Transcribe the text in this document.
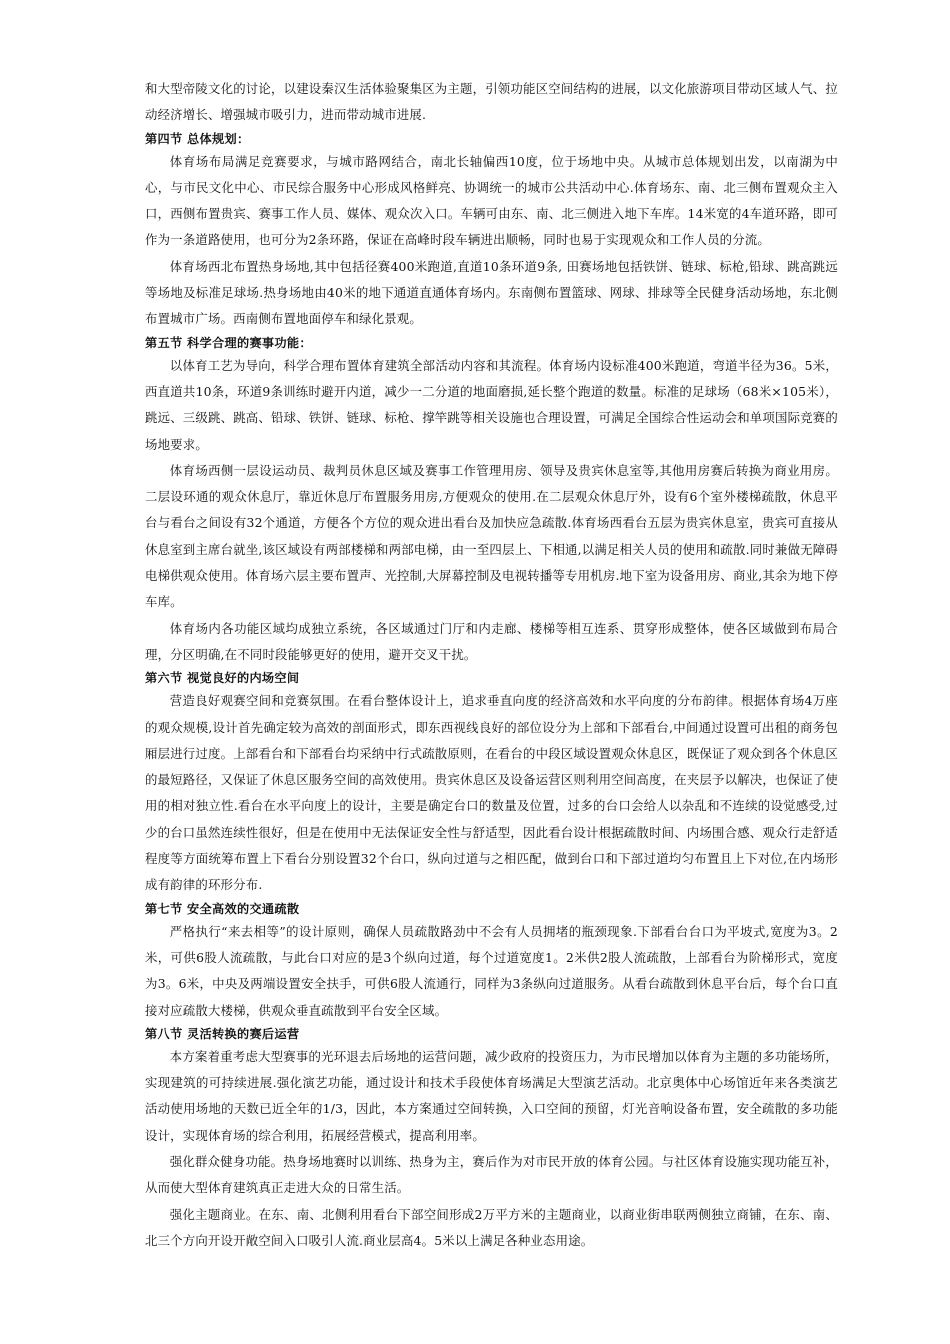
和大型帝陵文化的讨论，以建设秦汉生活体验聚集区为主题，引领功能区空间结构的进展，以文化旅游项目带动区域人气、拉动经济增长、增强城市吸引力，进而带动城市进展.

第四节 总体规划：

体育场布局满足竞赛要求，与城市路网结合，南北长轴偏西10度，位于场地中央。从城市总体规划出发，以南湖为中心，与市民文化中心、市民综合服务中心形成风格鲜亮、协调统一的城市公共活动中心.体育场东、南、北三侧布置观众主入口，西侧布置贵宾、赛事工作人员、媒体、观众次入口。车辆可由东、南、北三侧进入地下车库。14米宽的4车道环路，即可作为一条道路使用，也可分为2条环路，保证在高峰时段车辆进出顺畅，同时也易于实现观众和工作人员的分流。

体育场西北布置热身场地,其中包括径赛400米跑道,直道10条环道9条, 田赛场地包括铁饼、链球、标枪,铅球、跳高跳远等场地及标准足球场.热身场地由40米的地下通道直通体育场内。东南侧布置篮球、网球、排球等全民健身活动场地，东北侧布置城市广场。西南侧布置地面停车和绿化景观。

第五节 科学合理的赛事功能：

以体育工艺为导向，科学合理布置体育建筑全部活动内容和其流程。体育场内设标准400米跑道，弯道半径为36。5米，西直道共10条，环道9条训练时避开内道，减少一二分道的地面磨损,延长整个跑道的数量。标准的足球场（68米×105米），跳远、三级跳、跳高、铅球、铁饼、链球、标枪、撑竿跳等相关设施也合理设置，可满足全国综合性运动会和单项国际竞赛的场地要求。

体育场西侧一层设运动员、裁判员休息区域及赛事工作管理用房、领导及贵宾休息室等,其他用房赛后转换为商业用房。二层设环通的观众休息厅，靠近休息厅布置服务用房,方便观众的使用.在二层观众休息厅外，设有6个室外楼梯疏散，休息平台与看台之间设有32个通道，方便各个方位的观众进出看台及加快应急疏散.体育场西看台五层为贵宾休息室，贵宾可直接从休息室到主席台就坐,该区域设有两部楼梯和两部电梯，由一至四层上、下相通,以满足相关人员的使用和疏散.同时兼做无障碍电梯供观众使用。体育场六层主要布置声、光控制,大屏幕控制及电视转播等专用机房.地下室为设备用房、商业,其余为地下停车库。

体育场内各功能区域均成独立系统，各区域通过门厅和内走廊、楼梯等相互连系、贯穿形成整体，使各区域做到布局合理，分区明确,在不同时段能够更好的使用，避开交叉干扰。

第六节 视觉良好的内场空间

营造良好观赛空间和竞赛氛围。在看台整体设计上，追求垂直向度的经济高效和水平向度的分布韵律。根据体育场4万座的观众规模,设计首先确定较为高效的剖面形式，即东西视线良好的部位设分为上部和下部看台,中间通过设置可出租的商务包厢层进行过度。上部看台和下部看台均采纳中行式疏散原则，在看台的中段区域设置观众休息区，既保证了观众到各个休息区的最短路径，又保证了休息区服务空间的高效使用。贵宾休息区及设备运营区则利用空间高度，在夹层予以解决，也保证了使用的相对独立性.看台在水平向度上的设计，主要是确定台口的数量及位置，过多的台口会给人以杂乱和不连续的设觉感受,过少的台口虽然连续性很好，但是在使用中无法保证安全性与舒适型，因此看台设计根据疏散时间、内场围合感、观众行走舒适程度等方面统筹布置上下看台分别设置32个台口，纵向过道与之相匹配，做到台口和下部过道均匀布置且上下对位,在内场形成有韵律的环形分布.

第七节 安全高效的交通疏散

严格执行“来去相等”的设计原则，确保人员疏散路劲中不会有人员拥堵的瓶颈现象.下部看台台口为平坡式,宽度为3。2米，可供6股人流疏散，与此台口对应的是3个纵向过道，每个过道宽度1。2米供2股人流疏散，上部看台为阶梯形式，宽度为3。6米，中央及两端设置安全扶手，可供6股人流通行，同样为3条纵向过道服务。从看台疏散到休息平台后，每个台口直接对应疏散大楼梯，供观众垂直疏散到平台安全区域。

第八节 灵活转换的赛后运营

本方案着重考虑大型赛事的光环退去后场地的运营问题，减少政府的投资压力，为市民增加以体育为主题的多功能场所，实现建筑的可持续进展.强化演艺功能，通过设计和技术手段使体育场满足大型演艺活动。北京奥体中心场馆近年来各类演艺活动使用场地的天数已近全年的1/3，因此，本方案通过空间转换，入口空间的预留，灯光音响设备布置，安全疏散的多功能设计，实现体育场的综合利用，拓展经营模式，提高利用率。

强化群众健身功能。热身场地赛时以训练、热身为主，赛后作为对市民开放的体育公园。与社区体育设施实现功能互补，从而使大型体育建筑真正走进大众的日常生活。

强化主题商业。在东、南、北侧利用看台下部空间形成2万平方米的主题商业，以商业街串联两侧独立商铺，在东、南、北三个方向开设开敞空间入口吸引人流.商业层高4。5米以上满足各种业态用途。
